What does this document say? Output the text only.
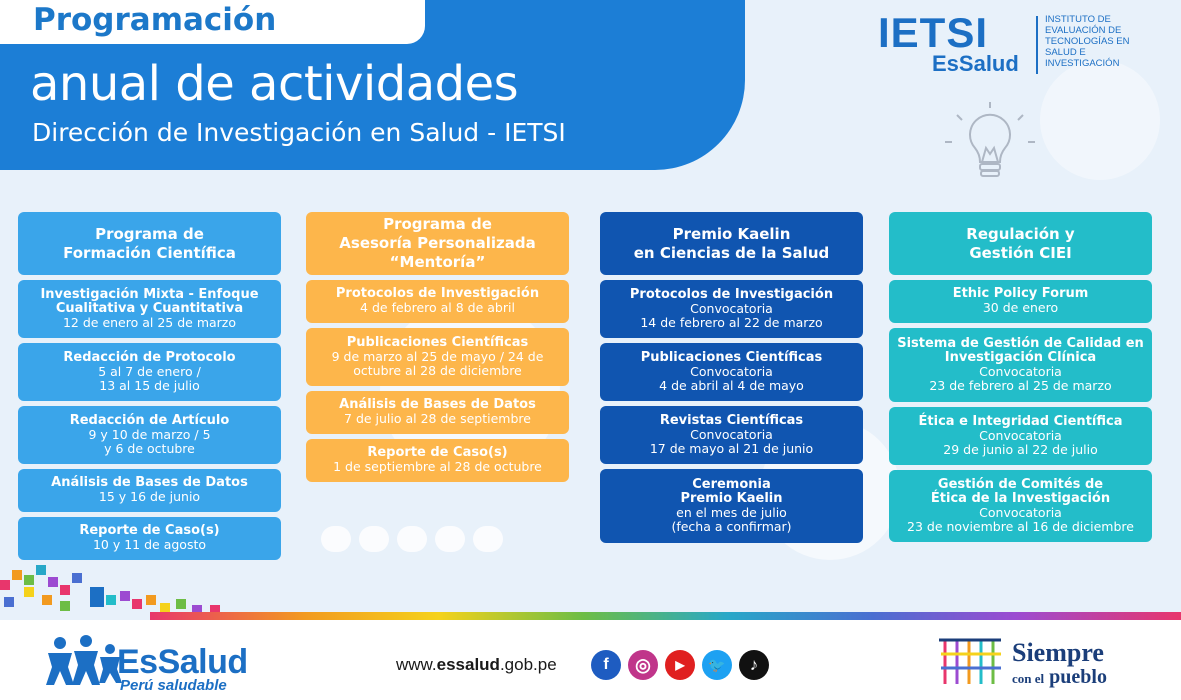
Programación
anual de actividades
Dirección de Investigación en Salud - IETSI
IETSI
EsSalud
INSTITUTO DE EVALUACIÓN DE TECNOLOGÍAS EN SALUD E INVESTIGACIÓN
Programa de
Formación Científica
Investigación Mixta - Enfoque Cualitativa y Cuantitativa
12 de enero al 25 de marzo
Redacción de Protocolo
5 al 7 de enero / 13 al 15 de julio
Redacción de Artículo
9 y 10 de marzo / 5 y 6 de octubre
Análisis de Bases de Datos
15 y 16 de junio
Reporte de Caso(s)
10 y 11 de agosto
Programa de
Asesoría Personalizada
“Mentoría”
Protocolos de Investigación
4 de febrero al 8 de abril
Publicaciones Científicas
9 de marzo al 25 de mayo / 24 de octubre al 28 de diciembre
Análisis de Bases de Datos
7 de julio al 28 de septiembre
Reporte de Caso(s)
1 de septiembre al 28 de octubre
Premio Kaelin
en Ciencias de la Salud
Protocolos de Investigación
Convocatoria
14 de febrero al 22 de marzo
Publicaciones Científicas
Convocatoria
4 de abril al 4 de mayo
Revistas Científicas
Convocatoria
17 de mayo al 21 de junio
Ceremonia Premio Kaelin
en el mes de julio
(fecha a confirmar)
Regulación y
Gestión CIEI
Ethic Policy Forum
30 de enero
Sistema de Gestión de Calidad en Investigación Clínica
Convocatoria
23 de febrero al 25 de marzo
Ética e Integridad Científica
Convocatoria
29 de junio al 22 de julio
Gestión de Comités de Ética de la Investigación
Convocatoria
23 de noviembre al 16 de diciembre
EsSalud
Perú saludable
www.essalud.gob.pe	f	◎	▶	🐦	♪	Siempre
con el pueblo
